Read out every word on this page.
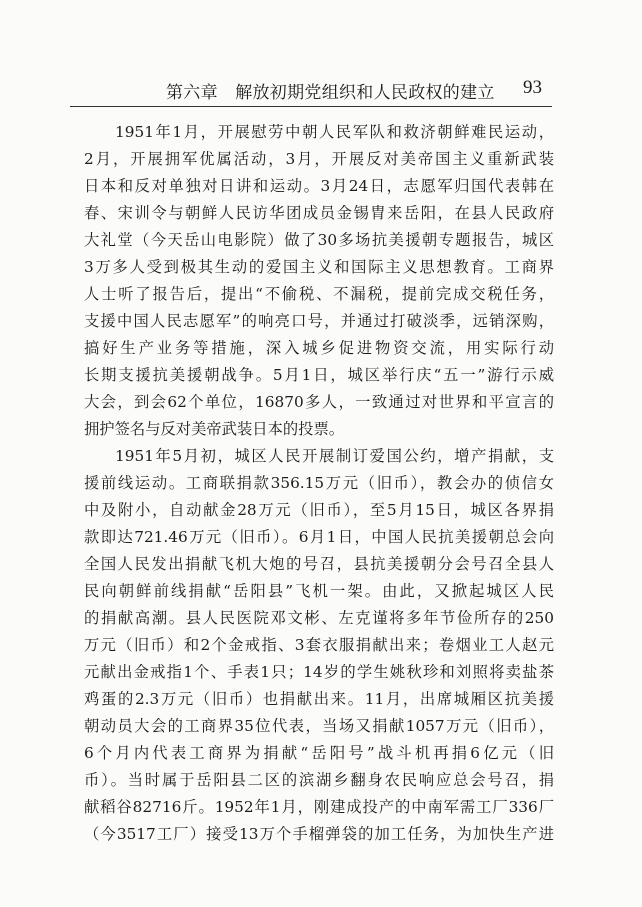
第六章　解放初期党组织和人民政权的建立 93
1951年1月，开展慰劳中朝人民军队和救济朝鲜难民运动，
2月，开展拥军优属活动，3月，开展反对美帝国主义重新武装
日本和反对单独对日讲和运动。3月24日，志愿军归国代表韩在
春、宋训令与朝鲜人民访华团成员金锡胄来岳阳，在县人民政府
大礼堂（今天岳山电影院）做了30多场抗美援朝专题报告，城区
3万多人受到极其生动的爱国主义和国际主义思想教育。工商界
人士听了报告后，提出“不偷税、不漏税，提前完成交税任务，
支援中国人民志愿军”的响亮口号，并通过打破淡季，远销深购，
搞好生产业务等措施，深入城乡促进物资交流，用实际行动
长期支援抗美援朝战争。5月1日，城区举行庆“五一”游行示威
大会，到会62个单位，16870多人，一致通过对世界和平宣言的
拥护签名与反对美帝武装日本的投票。
1951年5月初，城区人民开展制订爱国公约，增产捐献，支
援前线运动。工商联捐款356.15万元（旧币），教会办的侦信女
中及附小，自动献金28万元（旧币），至5月15日，城区各界捐
款即达721.46万元（旧币）。6月1日，中国人民抗美援朝总会向
全国人民发出捐献飞机大炮的号召，县抗美援朝分会号召全县人
民向朝鲜前线捐献“岳阳县”飞机一架。由此，又掀起城区人民
的捐献高潮。县人民医院邓文彬、左克谨将多年节俭所存的250
万元（旧币）和2个金戒指、3套衣服捐献出来；卷烟业工人赵元
元献出金戒指1个、手表1只；14岁的学生姚秋珍和刘照将卖盐茶
鸡蛋的2.3万元（旧币）也捐献出来。11月，出席城厢区抗美援
朝动员大会的工商界35位代表，当场又捐献1057万元（旧币），
6个月内代表工商界为捐献“岳阳号”战斗机再捐6亿元（旧
币）。当时属于岳阳县二区的滨湖乡翻身农民响应总会号召，捐
献稻谷82716斤。1952年1月，刚建成投产的中南军需工厂336厂
（今3517工厂）接受13万个手榴弹袋的加工任务，为加快生产进
